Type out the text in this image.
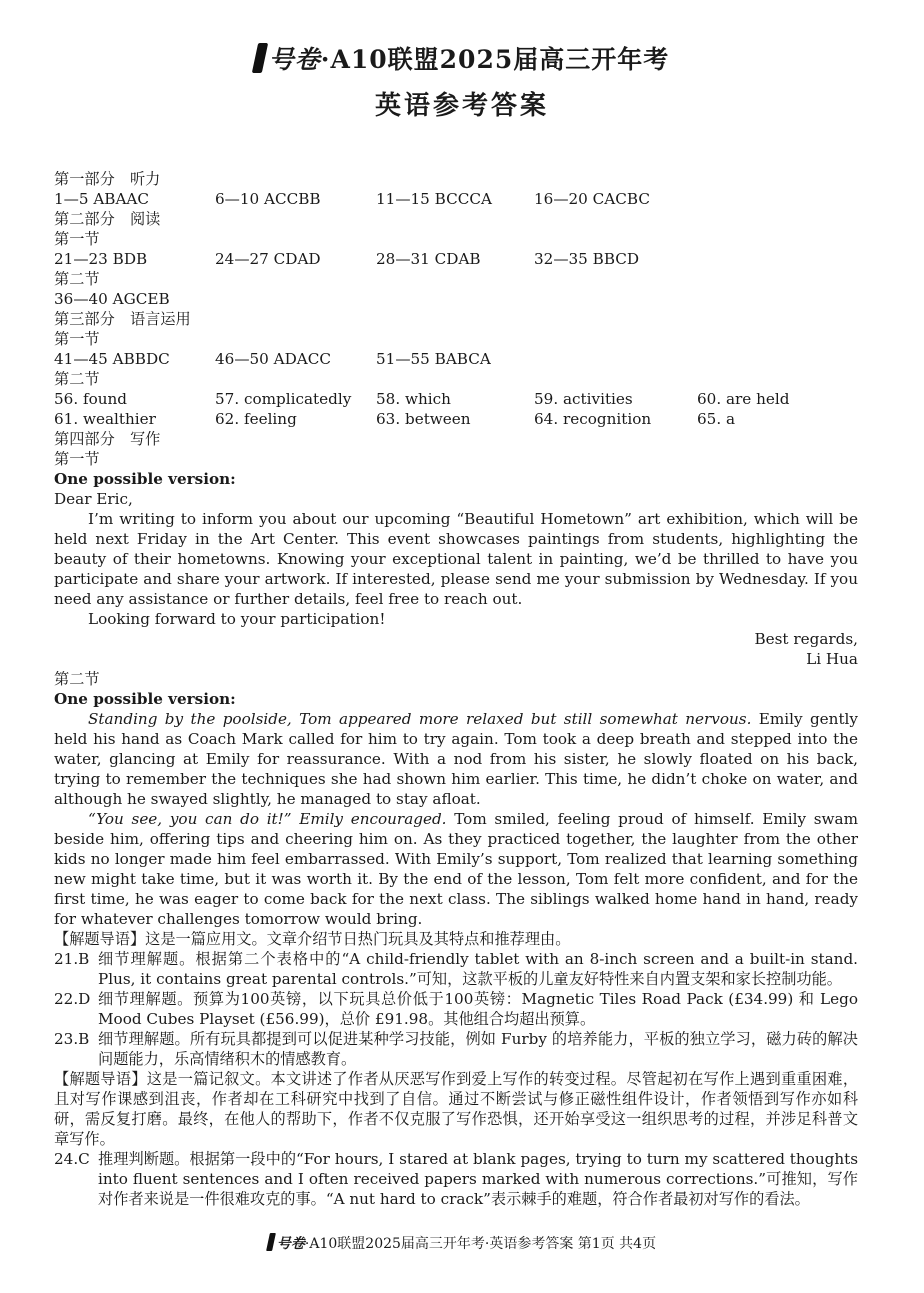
号卷·A10联盟2025届高三开年考
英语参考答案
第一部分　听力
1—5 ABAAC	6—10 ACCBB	11—15 BCCCA	16—20 CACBC
第二部分　阅读
第一节
21—23 BDB	24—27 CDAD	28—31 CDAB	32—35 BBCD
第二节
36—40 AGCEB
第三部分　语言运用
第一节
41—45 ABBDC	46—50 ADACC	51—55 BABCA
第二节
56. found	57. complicatedly	58. which	59. activities	60. are held
61. wealthier	62. feeling	63. between	64. recognition	65. a
第四部分　写作
第一节
One possible version:
Dear Eric,

I’m writing to inform you about our upcoming “Beautiful Hometown” art exhibition, which will be held next Friday in the Art Center. This event showcases paintings from students, highlighting the beauty of their hometowns. Knowing your exceptional talent in painting, we’d be thrilled to have you participate and share your artwork. If interested, please send me your submission by Wednesday. If you need any assistance or further details, feel free to reach out.

Looking forward to your participation!

Best regards,
Li Hua
第二节
One possible version:

Standing by the poolside, Tom appeared more relaxed but still somewhat nervous. Emily gently held his hand as Coach Mark called for him to try again. Tom took a deep breath and stepped into the water, glancing at Emily for reassurance. With a nod from his sister, he slowly floated on his back, trying to remember the techniques she had shown him earlier. This time, he didn’t choke on water, and although he swayed slightly, he managed to stay afloat.

“You see, you can do it!” Emily encouraged. Tom smiled, feeling proud of himself. Emily swam beside him, offering tips and cheering him on. As they practiced together, the laughter from the other kids no longer made him feel embarrassed. With Emily’s support, Tom realized that learning something new might take time, but it was worth it. By the end of the lesson, Tom felt more confident, and for the first time, he was eager to come back for the next class. The siblings walked home hand in hand, ready for whatever challenges tomorrow would bring.

【解题导语】这是一篇应用文。文章介绍节日热门玩具及其特点和推荐理由。

21.B 细节理解题。根据第二个表格中的“A child-friendly tablet with an 8-inch screen and a built-in stand. Plus, it contains great parental controls.”可知，这款平板的儿童友好特性来自内置支架和家长控制功能。
22.D 细节理解题。预算为100英镑，以下玩具总价低于100英镑：Magnetic Tiles Road Pack (£34.99) 和 Lego Mood Cubes Playset (£56.99)，总价 £91.98。其他组合均超出预算。
23.B 细节理解题。所有玩具都提到可以促进某种学习技能，例如 Furby 的培养能力，平板的独立学习，磁力砖的解决问题能力，乐高情绪积木的情感教育。

【解题导语】这是一篇记叙文。本文讲述了作者从厌恶写作到爱上写作的转变过程。尽管起初在写作上遇到重重困难，且对写作课感到沮丧，作者却在工科研究中找到了自信。通过不断尝试与修正磁性组件设计，作者领悟到写作亦如科研，需反复打磨。最终，在他人的帮助下，作者不仅克服了写作恐惧，还开始享受这一组织思考的过程，并涉足科普文章写作。

24.C 推理判断题。根据第一段中的“For hours, I stared at blank pages, trying to turn my scattered thoughts into fluent sentences and I often received papers marked with numerous corrections.”可推知，写作对作者来说是一件很难攻克的事。“A nut hard to crack”表示棘手的难题，符合作者最初对写作的看法。
号卷·A10联盟2025届高三开年考·英语参考答案 第1页 共4页
